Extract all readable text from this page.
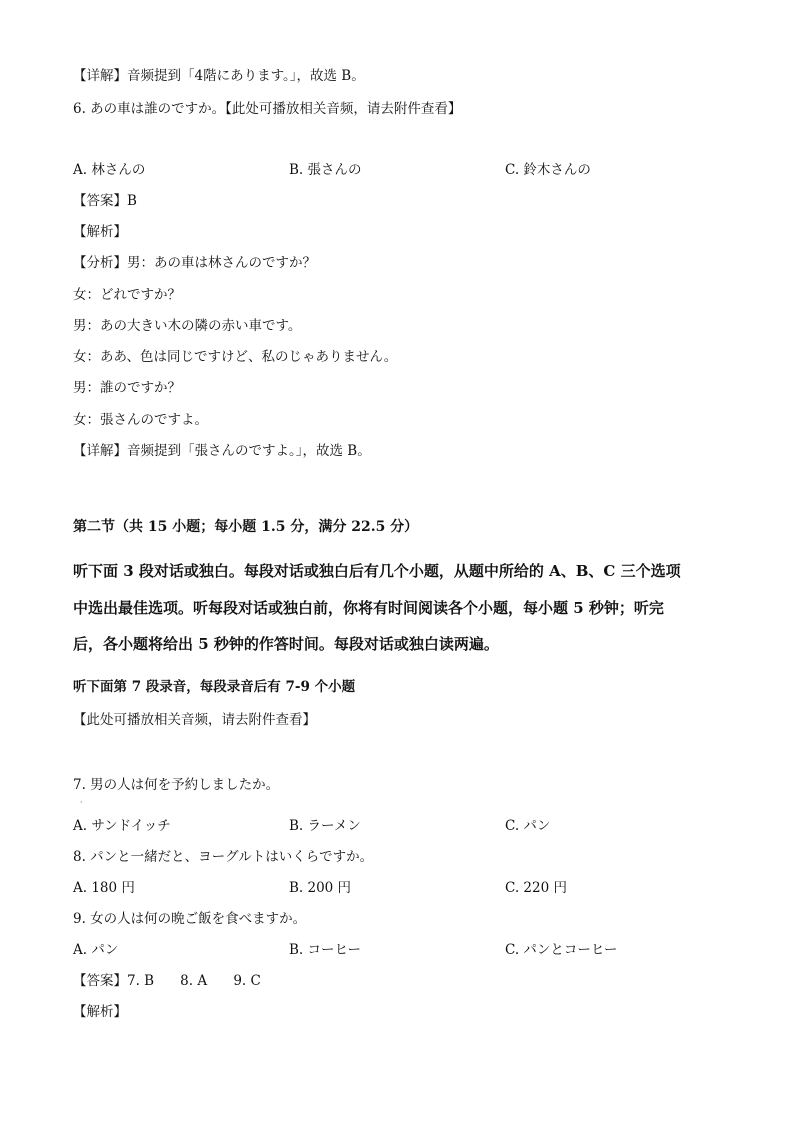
【详解】音频提到「4階にあります。」，故选 B。
6. あの車は誰のですか。【此处可播放相关音频，请去附件查看】
A. 林さんの	B. 張さんの	C. 鈴木さんの
【答案】B
【解析】
【分析】男：あの車は林さんのですか？
女：どれですか？
男：あの大きい木の隣の赤い車です。
女：ああ、色は同じですけど、私のじゃありません。
男：誰のですか？
女：張さんのですよ。
【详解】音频提到「張さんのですよ。」，故选 B。
第二节（共 15 小题；每小题 1.5 分，满分 22.5 分）
听下面 3 段对话或独白。每段对话或独白后有几个小题，从题中所给的 A、B、C 三个选项
中选出最佳选项。听每段对话或独白前，你将有时间阅读各个小题，每小题 5 秒钟；听完
后，各小题将给出 5 秒钟的作答时间。每段对话或独白读两遍。
听下面第 7 段录音，每段录音后有 7-9 个小题
【此处可播放相关音频，请去附件查看】
7. 男の人は何を予約しましたか。
·
A. サンドイッチ	B. ラーメン	C. パン
8. パンと一緒だと、ヨーグルトはいくらですか。
A. 180 円	B. 200 円	C. 220 円
9. 女の人は何の晩ご飯を食べますか。
A. パン	B. コーヒー	C. パンとコーヒー
【答案】7. B 8. A 9. C
【解析】
